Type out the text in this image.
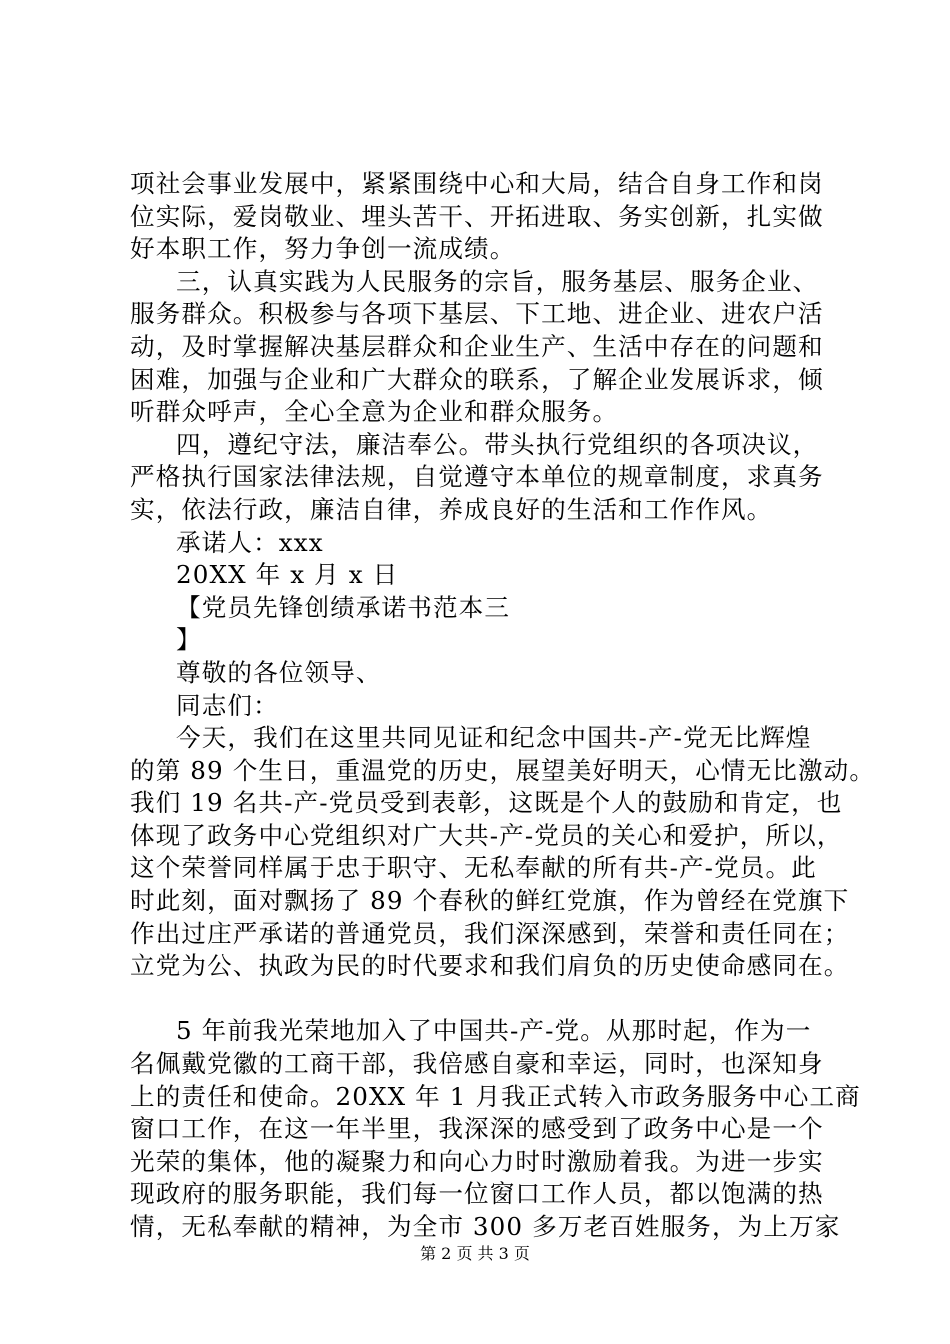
项社会事业发展中，紧紧围绕中心和大局，结合自身工作和岗
位实际，爱岗敬业、埋头苦干、开拓进取、务实创新，扎实做
好本职工作，努力争创一流成绩。
三，认真实践为人民服务的宗旨，服务基层、服务企业、
服务群众。积极参与各项下基层、下工地、进企业、进农户活
动，及时掌握解决基层群众和企业生产、生活中存在的问题和
困难，加强与企业和广大群众的联系，了解企业发展诉求，倾
听群众呼声，全心全意为企业和群众服务。
四，遵纪守法，廉洁奉公。带头执行党组织的各项决议，
严格执行国家法律法规，自觉遵守本单位的规章制度，求真务
实，依法行政，廉洁自律，养成良好的生活和工作作风。
承诺人：xxx
20XX 年 x 月 x 日
【党员先锋创绩承诺书范本三
】
尊敬的各位领导、
同志们：
今天，我们在这里共同见证和纪念中国共-产-党无比辉煌
的第 89 个生日，重温党的历史，展望美好明天，心情无比激动。
我们 19 名共-产-党员受到表彰，这既是个人的鼓励和肯定，也
体现了政务中心党组织对广大共-产-党员的关心和爱护，所以，
这个荣誉同样属于忠于职守、无私奉献的所有共-产-党员。此
时此刻，面对飘扬了 89 个春秋的鲜红党旗，作为曾经在党旗下
作出过庄严承诺的普通党员，我们深深感到，荣誉和责任同在；
立党为公、执政为民的时代要求和我们肩负的历史使命感同在。
5 年前我光荣地加入了中国共-产-党。从那时起，作为一
名佩戴党徽的工商干部，我倍感自豪和幸运，同时，也深知身
上的责任和使命。20XX 年 1 月我正式转入市政务服务中心工商
窗口工作，在这一年半里，我深深的感受到了政务中心是一个
光荣的集体，他的凝聚力和向心力时时激励着我。为进一步实
现政府的服务职能，我们每一位窗口工作人员，都以饱满的热
情，无私奉献的精神，为全市 300 多万老百姓服务，为上万家
第 2 页 共 3 页
